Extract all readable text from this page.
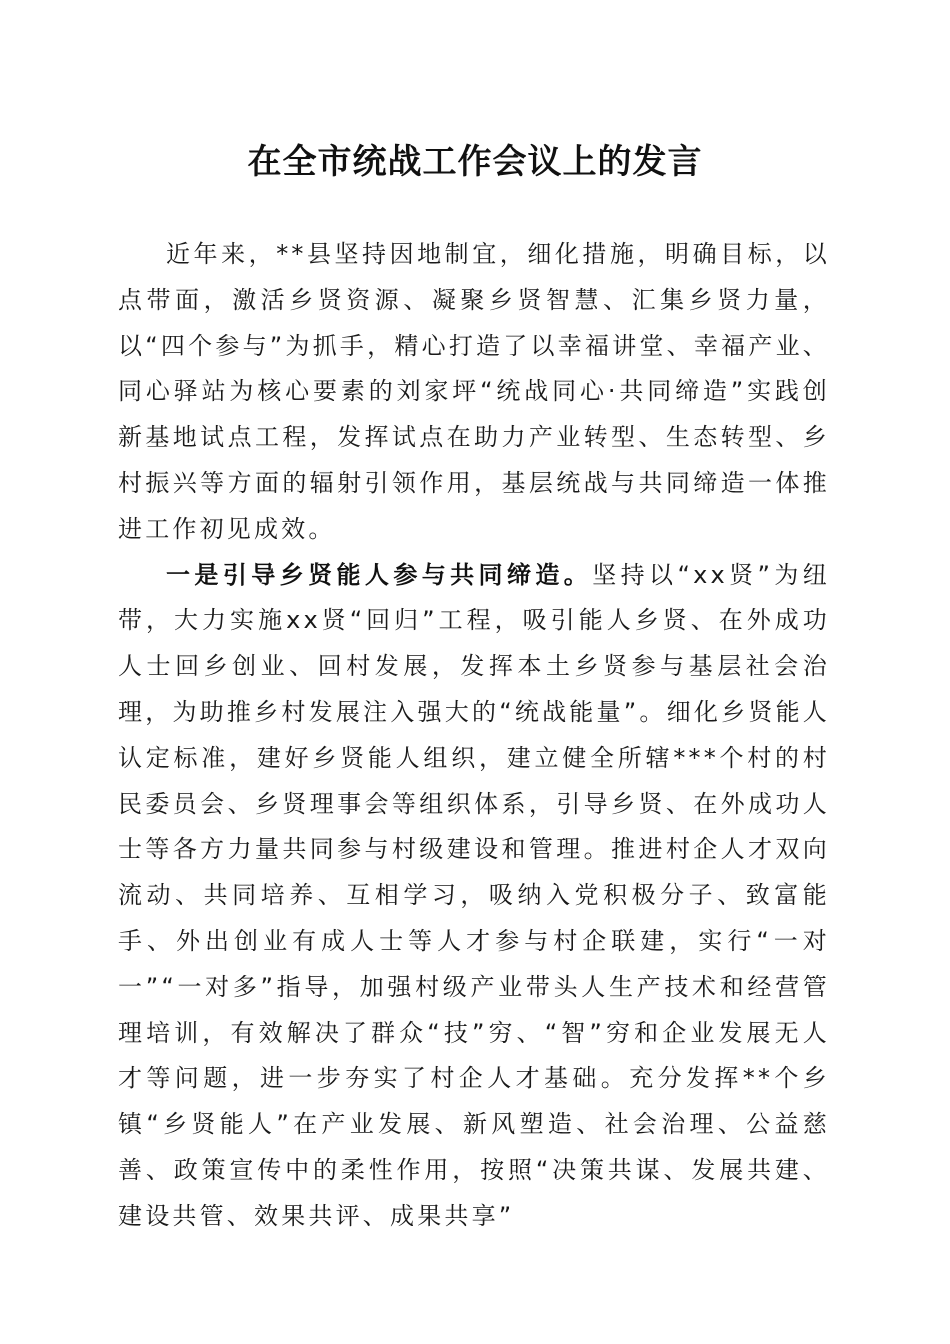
在全市统战工作会议上的发言

近年来，**县坚持因地制宜，细化措施，明确目标，以点带面，激活乡贤资源、凝聚乡贤智慧、汇集乡贤力量，以“四个参与”为抓手，精心打造了以幸福讲堂、幸福产业、同心驿站为核心要素的刘家坪“统战同心·共同缔造”实践创新基地试点工程，发挥试点在助力产业转型、生态转型、乡村振兴等方面的辐射引领作用，基层统战与共同缔造一体推进工作初见成效。

一是引导乡贤能人参与共同缔造。坚持以“xx贤”为纽带，大力实施xx贤“回归”工程，吸引能人乡贤、在外成功人士回乡创业、回村发展，发挥本土乡贤参与基层社会治理，为助推乡村发展注入强大的“统战能量”。细化乡贤能人认定标准，建好乡贤能人组织，建立健全所辖***个村的村民委员会、乡贤理事会等组织体系，引导乡贤、在外成功人士等各方力量共同参与村级建设和管理。推进村企人才双向流动、共同培养、互相学习，吸纳入党积极分子、致富能手、外出创业有成人士等人才参与村企联建，实行“一对一”“一对多”指导，加强村级产业带头人生产技术和经营管理培训，有效解决了群众“技”穷、“智”穷和企业发展无人才等问题，进一步夯实了村企人才基础。充分发挥**个乡镇“乡贤能人”在产业发展、新风塑造、社会治理、公益慈善、政策宣传中的柔性作用，按照“决策共谋、发展共建、建设共管、效果共评、成果共享”
